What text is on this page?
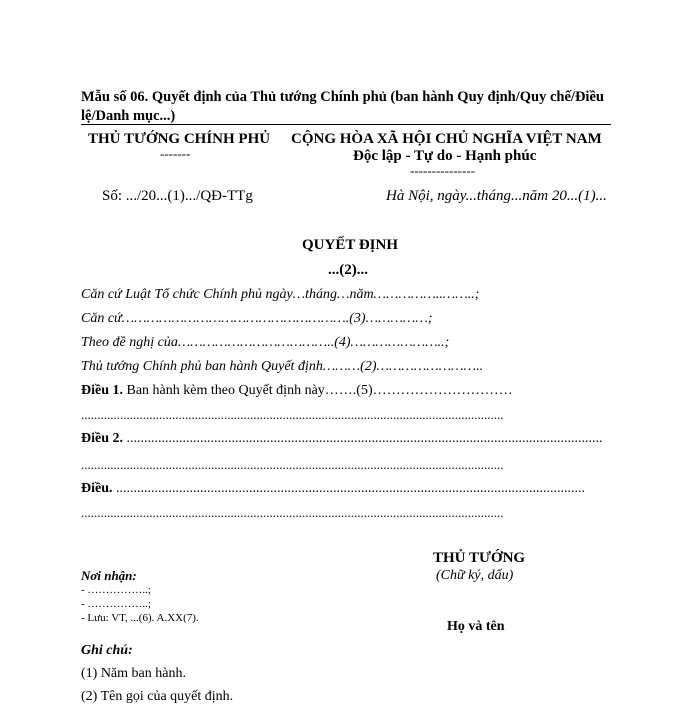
Mẫu số 06. Quyết định của Thủ tướng Chính phủ (ban hành Quy định/Quy chế/Điều lệ/Danh mục...)
THỦ TƯỚNG CHÍNH PHỦ
-------
CỘNG HÒA XÃ HỘI CHỦ NGHĨA VIỆT NAM
Độc lập - Tự do - Hạnh phúc
---------------
Số: .../20...(1).../QĐ-TTg	Hà Nội, ngày...tháng...năm 20...(1)...
QUYẾT ĐỊNH
...(2)...
Căn cứ Luật Tổ chức Chính phủ ngày…tháng…năm……………..……..;
Căn cứ……………………………………………….(3)……………;
Theo đề nghị của………………………………..(4)…………………..;
Thủ tướng Chính phủ ban hành Quyết định………(2)……………………..
Điều 1. Ban hành kèm theo Quyết định này…….(5)…………………………
..................................................................................................................................
Điều 2. ........................................................................................................................................
..................................................................................................................................
Điều. ......................................................................................................................................
..................................................................................................................................
THỦ TƯỚNG
(Chữ ký, dấu)
Họ và tên
Nơi nhận:
- ……………..;
- ……………..;
- Lưu: VT, ...(6). A.XX(7).
Ghi chú:
(1) Năm ban hành.
(2) Tên gọi của quyết định.
